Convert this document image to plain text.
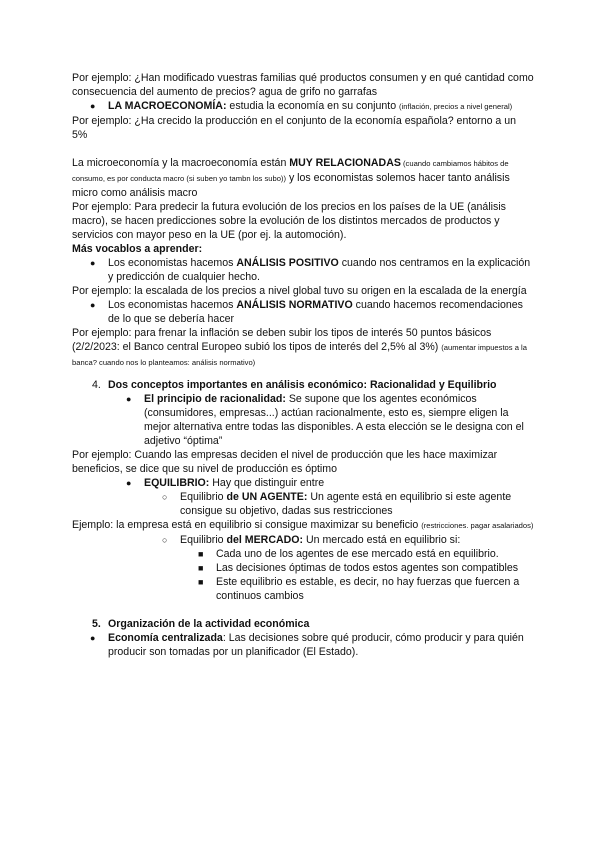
Por ejemplo: ¿Han modificado vuestras familias qué productos consumen y en qué cantidad como consecuencia del aumento de precios? agua de grifo no garrafas

● LA MACROECONOMÍA: estudia la economía en su conjunto (inflación, precios a nivel general)

Por ejemplo: ¿Ha crecido la producción en el conjunto de la economía española? entorno a un 5%

La microeconomía y la macroeconomía están MUY RELACIONADAS (cuando cambiamos hábitos de consumo, es por conducta macro (si suben yo tambn los subo)) y los economistas solemos hacer tanto análisis micro como análisis macro

Por ejemplo: Para predecir la futura evolución de los precios en los países de la UE (análisis macro), se hacen predicciones sobre la evolución de los distintos mercados de productos y servicios con mayor peso en la UE (por ej. la automoción).

Más vocablos a aprender:

● Los economistas hacemos ANÁLISIS POSITIVO cuando nos centramos en la explicación y predicción de cualquier hecho.

Por ejemplo: la escalada de los precios a nivel global tuvo su origen en la escalada de la energía

● Los economistas hacemos ANÁLISIS NORMATIVO cuando hacemos recomendaciones de lo que se debería hacer

Por ejemplo: para frenar la inflación se deben subir los tipos de interés 50 puntos básicos (2/2/2023: el Banco central Europeo subió los tipos de interés del 2,5% al 3%) (aumentar impuestos a la banca? cuando nos lo planteamos: análisis normativo)

4. Dos conceptos importantes en análisis económico: Racionalidad y Equilibrio
● El principio de racionalidad: Se supone que los agentes económicos (consumidores, empresas...) actúan racionalmente, esto es, siempre eligen la mejor alternativa entre todas las disponibles. A esta elección se le designa con el adjetivo “óptima”

Por ejemplo: Cuando las empresas deciden el nivel de producción que les hace maximizar beneficios, se dice que su nivel de producción es óptimo

● EQUILIBRIO: Hay que distinguir entre
○ Equilibrio de UN AGENTE: Un agente está en equilibrio si este agente consigue su objetivo, dadas sus restricciones

Ejemplo: la empresa está en equilibrio si consigue maximizar su beneficio (restricciones. pagar asalariados)

○ Equilibrio del MERCADO: Un mercado está en equilibrio si:
■ Cada uno de los agentes de ese mercado está en equilibrio.
■ Las decisiones óptimas de todos estos agentes son compatibles
■ Este equilibrio es estable, es decir, no hay fuerzas que fuercen a continuos cambios
5. Organización de la actividad económica
● Economía centralizada: Las decisiones sobre qué producir, cómo producir y para quién producir son tomadas por un planificador (El Estado).
